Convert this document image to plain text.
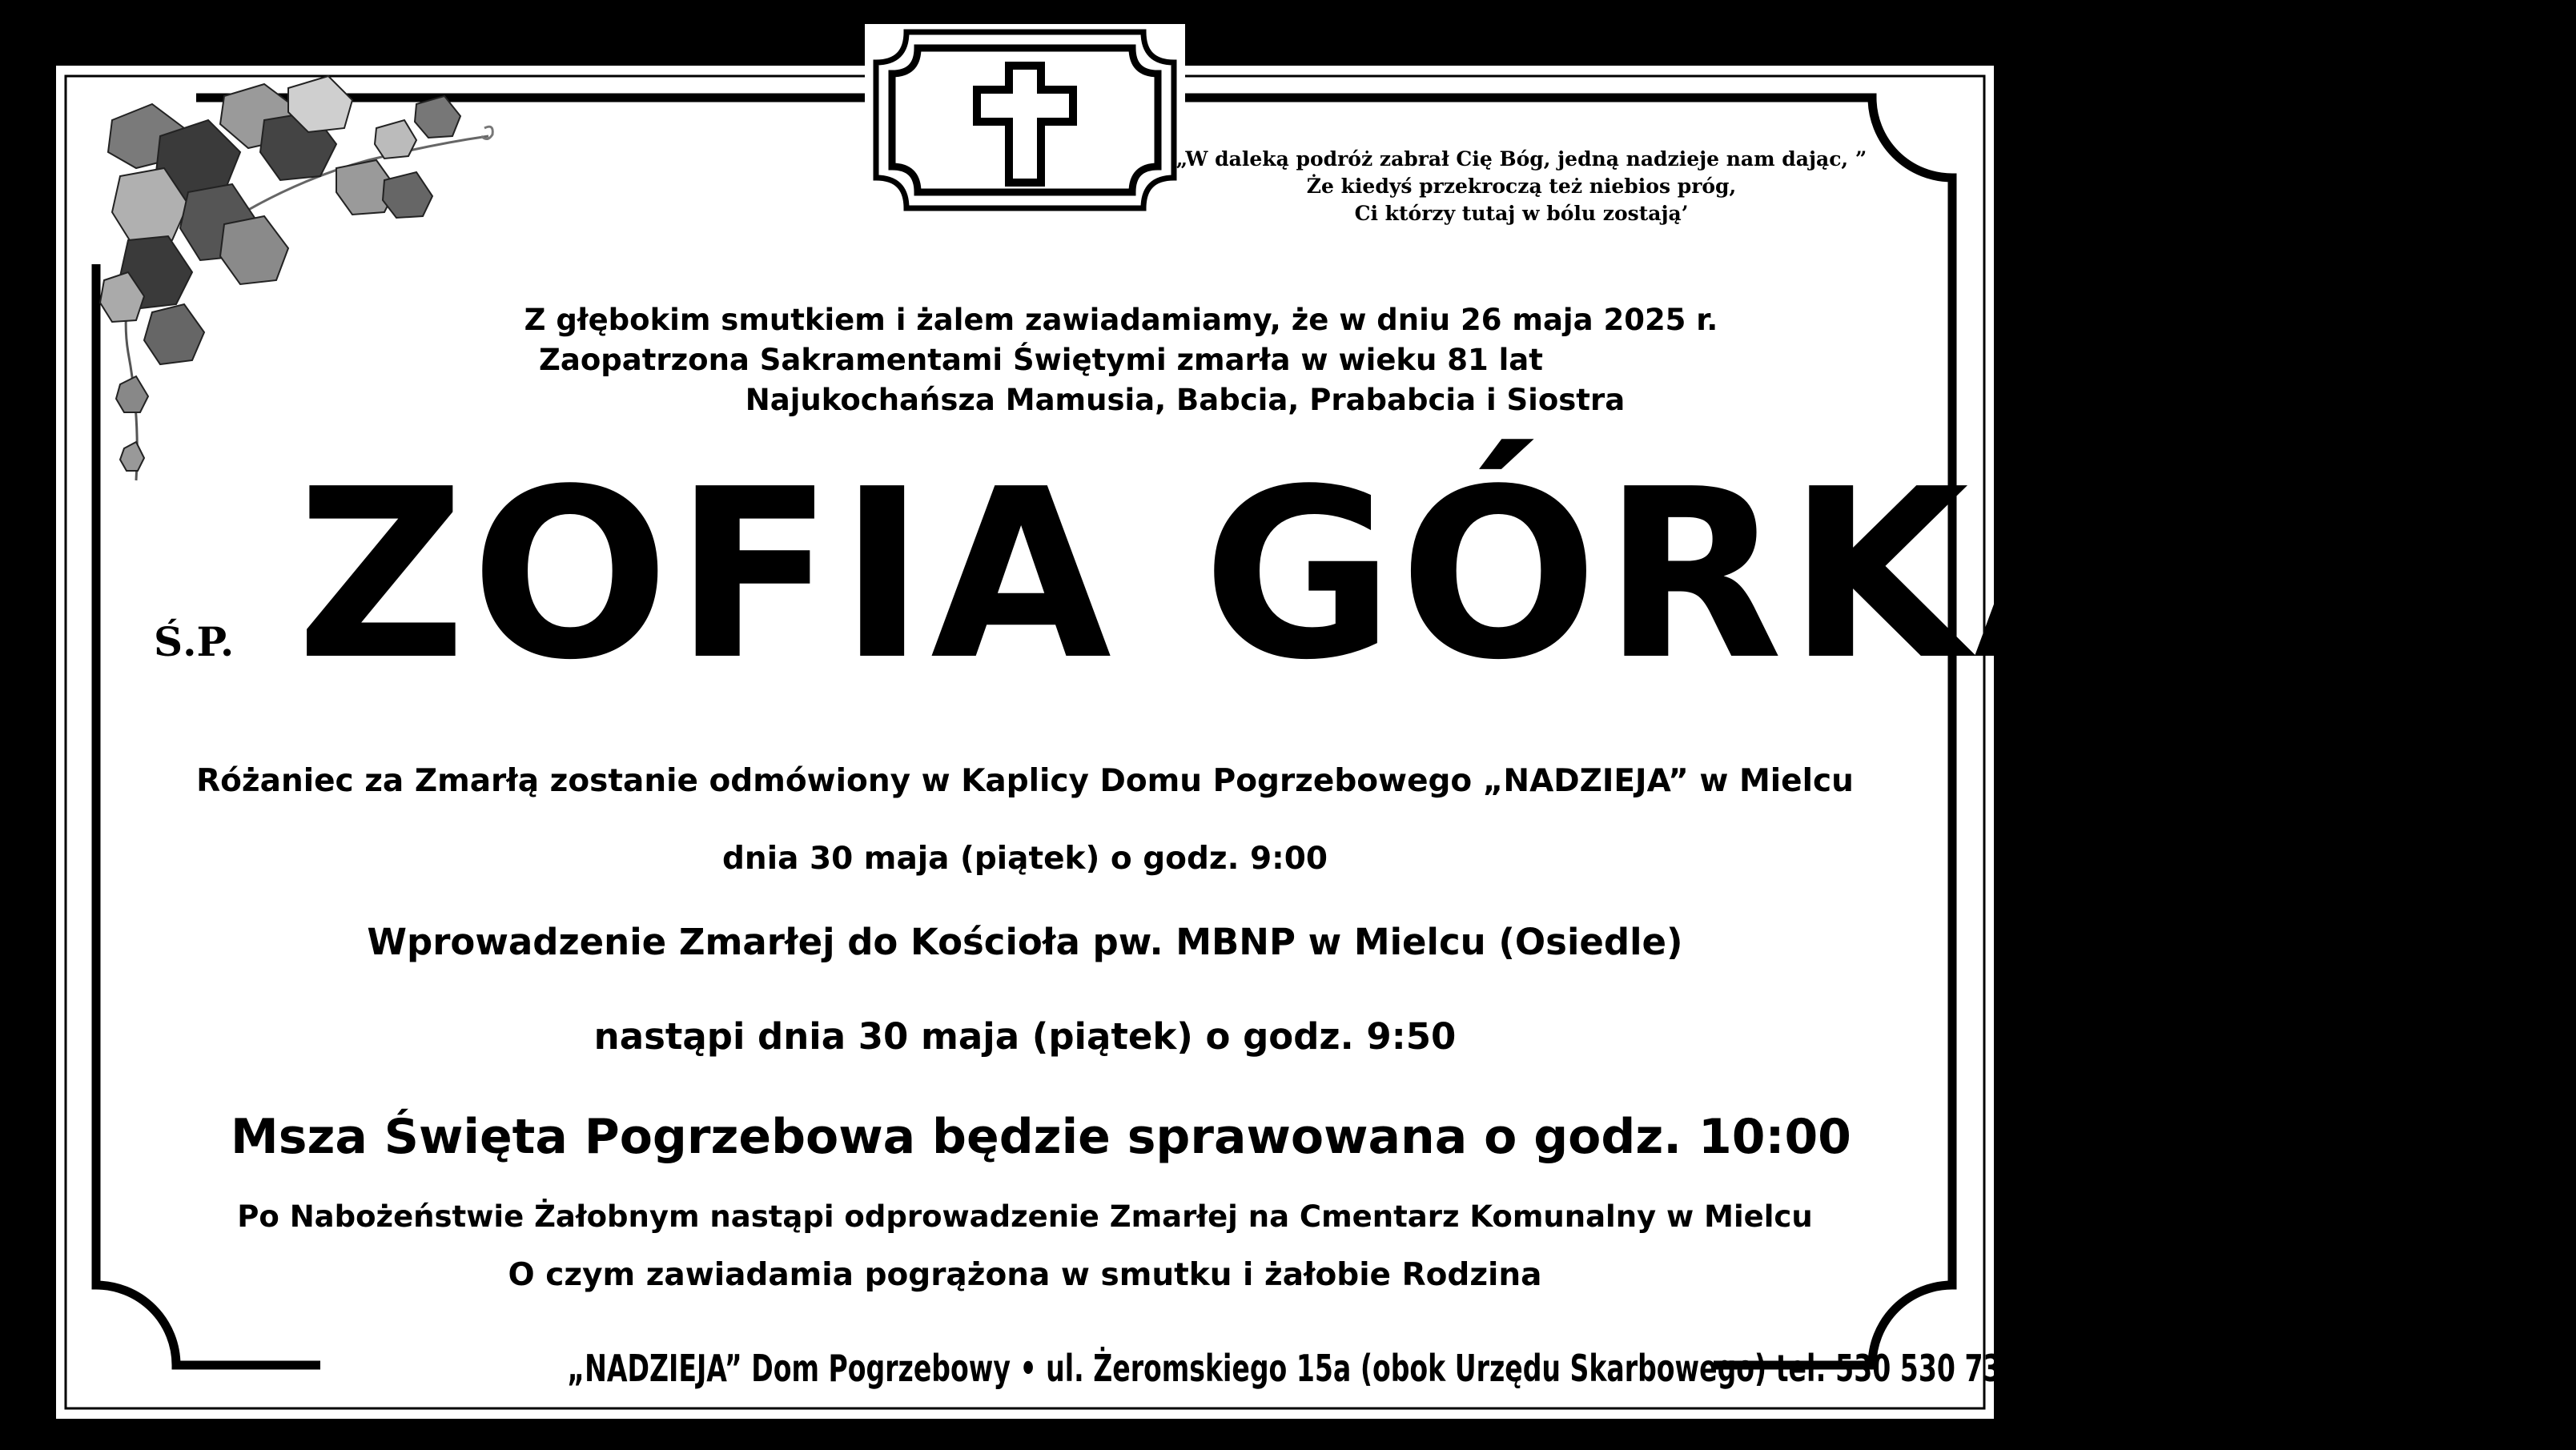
„W daleką podróż zabrał Cię Bóg, jedną nadzieje nam dając, ”
Że kiedyś przekroczą też niebios próg,
Ci którzy tutaj w bólu zostają’
Z głębokim smutkiem i żalem zawiadamiamy, że w dniu 26 maja 2025 r.
Zaopatrzona Sakramentami Świętymi zmarła w wieku 81 lat
Najukochańsza Mamusia, Babcia, Prababcia i Siostra
Ś.P. ZOFIA GÓRKA
Różaniec za Zmarłą zostanie odmówiony w Kaplicy Domu Pogrzebowego „NADZIEJA” w Mielcu
dnia 30 maja (piątek) o godz. 9:00
Wprowadzenie Zmarłej do Kościoła pw. MBNP w Mielcu (Osiedle)
nastąpi dnia 30 maja (piątek) o godz. 9:50
Msza Święta Pogrzebowa będzie sprawowana o godz. 10:00
Po Nabożeństwie Żałobnym nastąpi odprowadzenie Zmarłej na Cmentarz Komunalny w Mielcu
O czym zawiadamia pogrążona w smutku i żałobie Rodzina
„NADZIEJA” Dom Pogrzebowy • ul. Żeromskiego 15a (obok Urzędu Skarbowego) tel: 530 530 736 • 17 583 69 29
